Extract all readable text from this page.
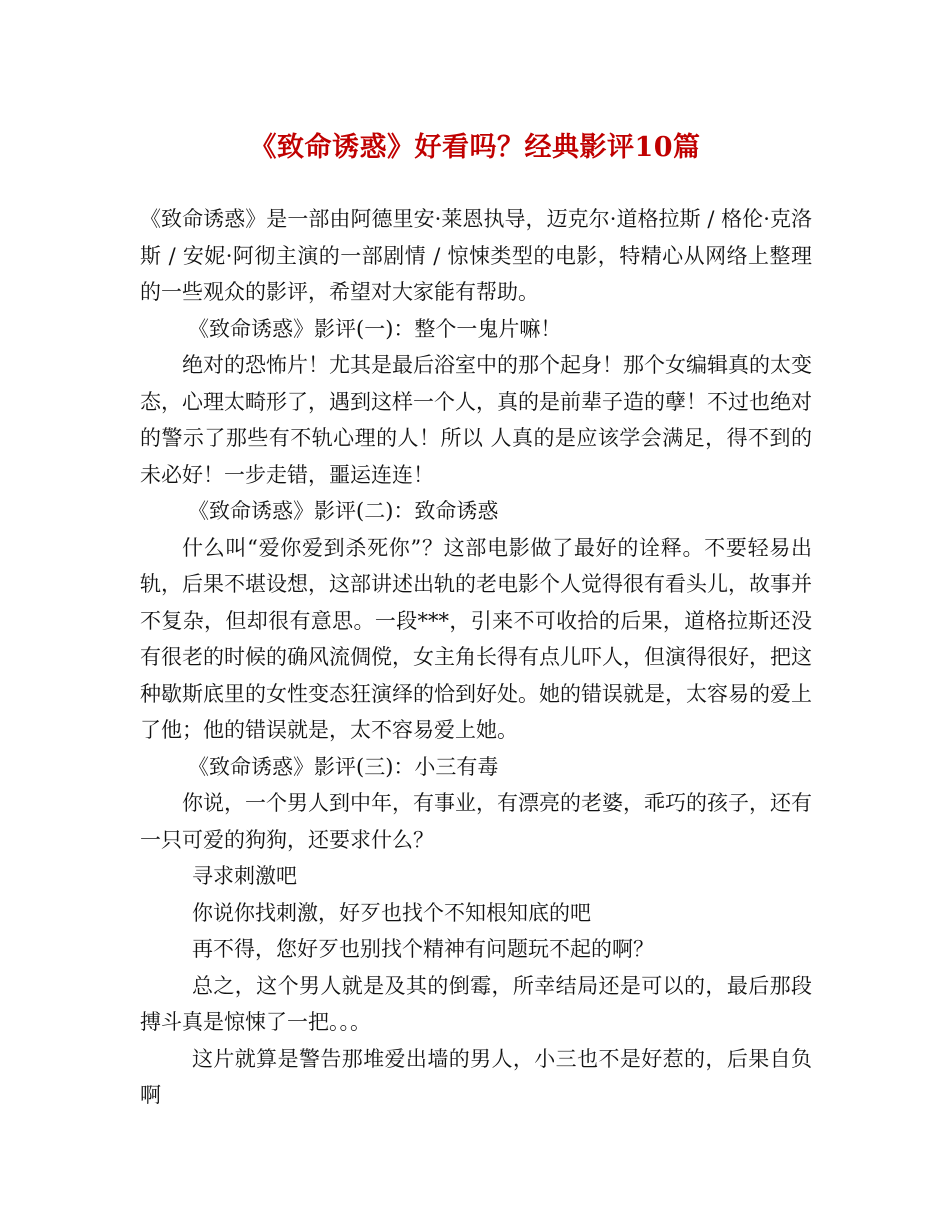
《致命诱惑》好看吗？经典影评10篇

《致命诱惑》是一部由阿德里安·莱恩执导，迈克尔·道格拉斯 / 格伦·克洛斯 / 安妮·阿彻主演的一部剧情 / 惊悚类型的电影，特精心从网络上整理的一些观众的影评，希望对大家能有帮助。

《致命诱惑》影评(一)：整个一鬼片嘛！

绝对的恐怖片！尤其是最后浴室中的那个起身！那个女编辑真的太变态，心理太畸形了，遇到这样一个人，真的是前辈子造的孽！不过也绝对的警示了那些有不轨心理的人！所以 人真的是应该学会满足，得不到的未必好！一步走错，噩运连连！

《致命诱惑》影评(二)：致命诱惑

什么叫“爱你爱到杀死你”？这部电影做了最好的诠释。不要轻易出轨，后果不堪设想，这部讲述出轨的老电影个人觉得很有看头儿，故事并不复杂，但却很有意思。一段***，引来不可收拾的后果，道格拉斯还没有很老的时候的确风流倜傥，女主角长得有点儿吓人，但演得很好，把这种歇斯底里的女性变态狂演绎的恰到好处。她的错误就是，太容易的爱上了他；他的错误就是，太不容易爱上她。

《致命诱惑》影评(三)：小三有毒

你说，一个男人到中年，有事业，有漂亮的老婆，乖巧的孩子，还有一只可爱的狗狗，还要求什么？

寻求刺激吧

你说你找刺激，好歹也找个不知根知底的吧

再不得，您好歹也别找个精神有问题玩不起的啊？

总之，这个男人就是及其的倒霉，所幸结局还是可以的，最后那段搏斗真是惊悚了一把。。。

这片就算是警告那堆爱出墙的男人，小三也不是好惹的，后果自负啊
